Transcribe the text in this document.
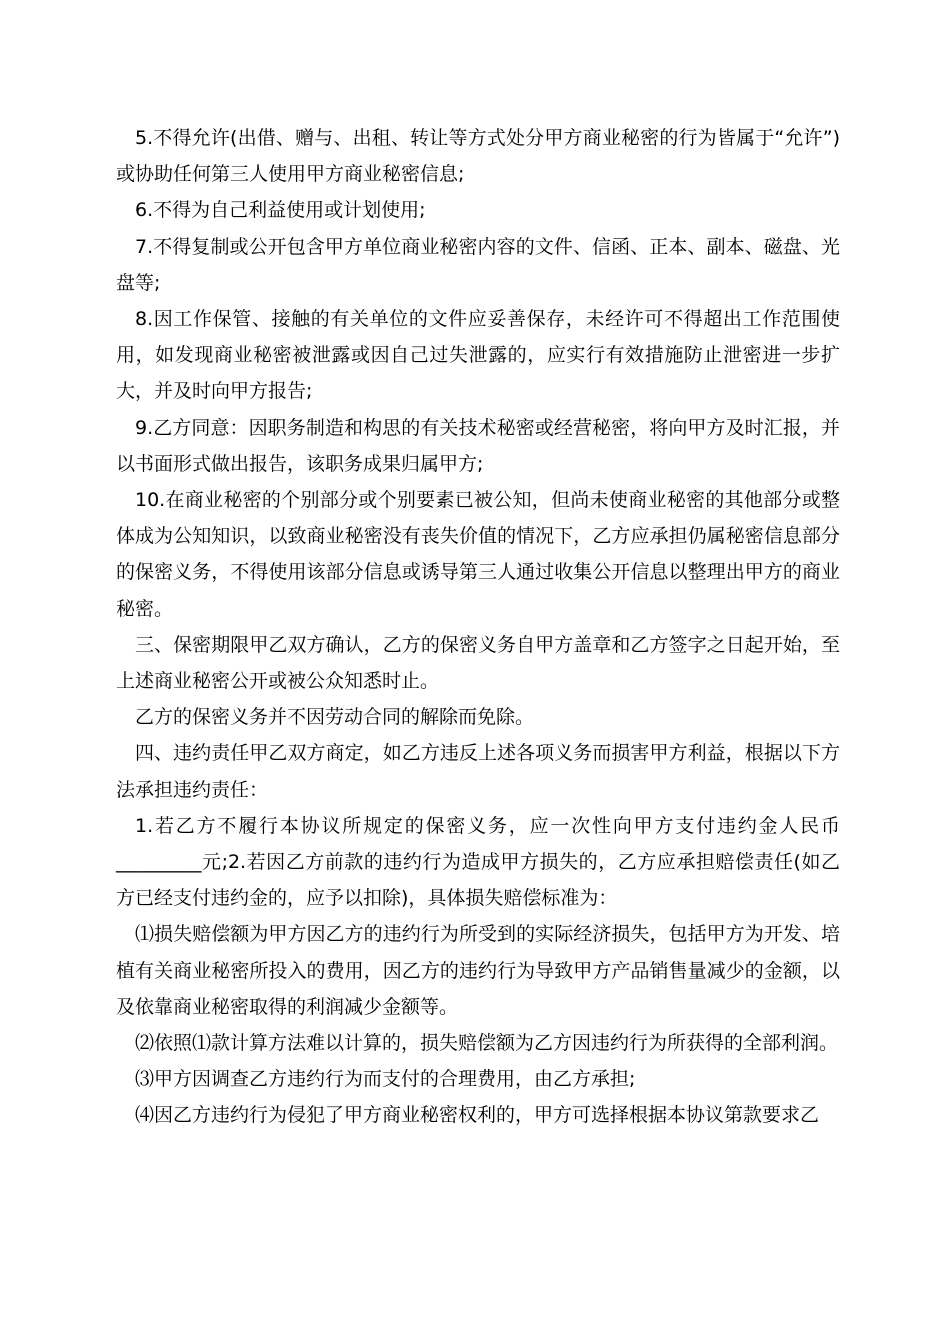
5.不得允许(出借、赠与、出租、转让等方式处分甲方商业秘密的行为皆属于“允许”)或协助任何第三人使用甲方商业秘密信息;

6.不得为自己利益使用或计划使用;

7.不得复制或公开包含甲方单位商业秘密内容的文件、信函、正本、副本、磁盘、光盘等;

8.因工作保管、接触的有关单位的文件应妥善保存，未经许可不得超出工作范围使用，如发现商业秘密被泄露或因自己过失泄露的，应实行有效措施防止泄密进一步扩大，并及时向甲方报告;

9.乙方同意：因职务制造和构思的有关技术秘密或经营秘密，将向甲方及时汇报，并以书面形式做出报告，该职务成果归属甲方;

10.在商业秘密的个别部分或个别要素已被公知，但尚未使商业秘密的其他部分或整体成为公知知识，以致商业秘密没有丧失价值的情况下，乙方应承担仍属秘密信息部分的保密义务，不得使用该部分信息或诱导第三人通过收集公开信息以整理出甲方的商业秘密。

三、保密期限甲乙双方确认，乙方的保密义务自甲方盖章和乙方签字之日起开始，至上述商业秘密公开或被公众知悉时止。

乙方的保密义务并不因劳动合同的解除而免除。

四、违约责任甲乙双方商定，如乙方违反上述各项义务而损害甲方利益，根据以下方法承担违约责任：

1.若乙方不履行本协议所规定的保密义务，应一次性向甲方支付违约金人民币_________元;2.若因乙方前款的违约行为造成甲方损失的，乙方应承担赔偿责任(如乙方已经支付违约金的，应予以扣除)，具体损失赔偿标准为：

⑴损失赔偿额为甲方因乙方的违约行为所受到的实际经济损失，包括甲方为开发、培植有关商业秘密所投入的费用，因乙方的违约行为导致甲方产品销售量减少的金额，以及依靠商业秘密取得的利润减少金额等。

⑵依照⑴款计算方法难以计算的，损失赔偿额为乙方因违约行为所获得的全部利润。

⑶甲方因调查乙方违约行为而支付的合理费用，由乙方承担;

⑷因乙方违约行为侵犯了甲方商业秘密权利的，甲方可选择根据本协议第款要求乙
